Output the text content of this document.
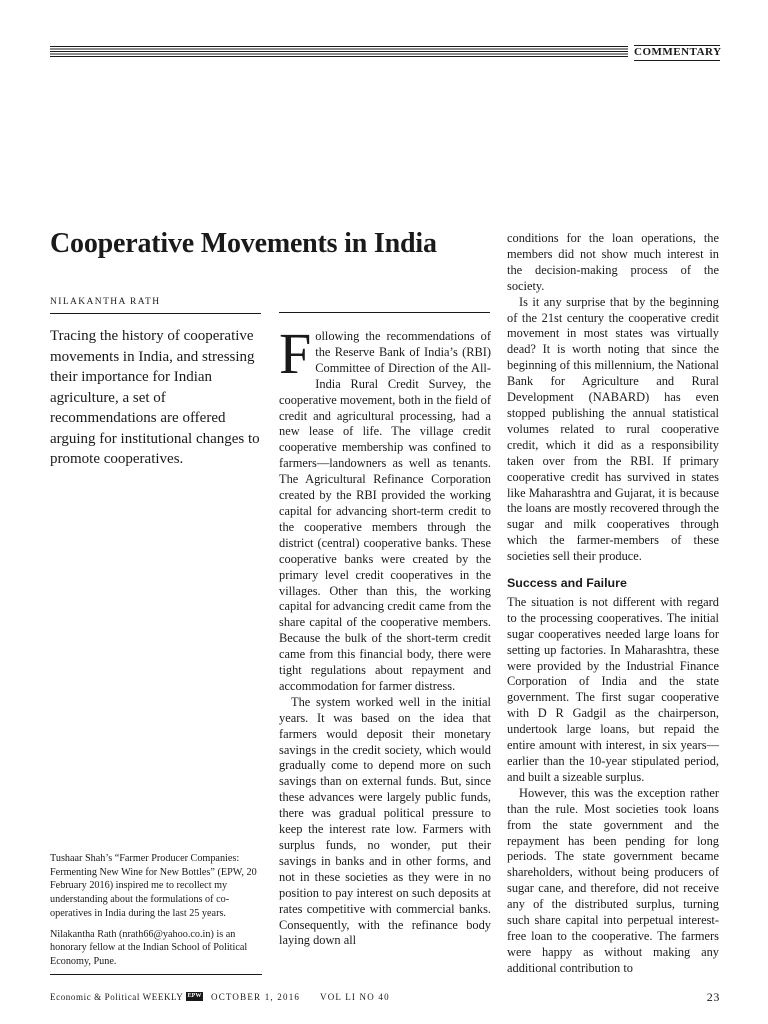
COMMENTARY
Cooperative Movements in India
NILAKANTHA RATH

Tracing the history of cooperative movements in India, and stressing their importance for Indian agriculture, a set of recommendations are offered arguing for institutional changes to promote cooperatives.

Tushaar Shah’s “Farmer Producer Companies: Fermenting New Wine for New Bottles” (EPW, 20 February 2016) inspired me to recollect my understanding about the formulations of co-operatives in India during the last 25 years.

Nilakantha Rath (nrath66@yahoo.co.in) is an honorary fellow at the Indian School of Political Economy, Pune.

Following the recommendations of the Reserve Bank of India’s (RBI) Committee of Direction of the All-India Rural Credit Survey, the cooperative movement, both in the field of credit and agricultural processing, had a new lease of life. The village credit cooperative membership was confined to farmers—landowners as well as tenants. The Agricultural Refinance Corporation created by the RBI provided the working capital for advancing short-term credit to the cooperative members through the district (central) cooperative banks. These cooperative banks were created by the primary level credit cooperatives in the villages. Other than this, the working capital for advancing credit came from the share capital of the cooperative members. Because the bulk of the short-term credit came from this financial body, there were tight regulations about repayment and accommodation for farmer distress.

The system worked well in the initial years. It was based on the idea that farmers would deposit their monetary savings in the credit society, which would gradually come to depend more on such savings than on external funds. But, since these advances were largely public funds, there was gradual political pressure to keep the interest rate low. Farmers with surplus funds, no wonder, put their savings in banks and in other forms, and not in these societies as they were in no position to pay interest on such deposits at rates competitive with commercial banks. Consequently, with the refinance body laying down all

conditions for the loan operations, the members did not show much interest in the decision-making process of the society.

Is it any surprise that by the beginning of the 21st century the cooperative credit movement in most states was virtually dead? It is worth noting that since the beginning of this millennium, the National Bank for Agriculture and Rural Development (NABARD) has even stopped publishing the annual statistical volumes related to rural cooperative credit, which it did as a responsibility taken over from the RBI. If primary cooperative credit has survived in states like Maharashtra and Gujarat, it is because the loans are mostly recovered through the sugar and milk cooperatives through which the farmer-members of these societies sell their produce.

Success and Failure

The situation is not different with regard to the processing cooperatives. The initial sugar cooperatives needed large loans for setting up factories. In Maharashtra, these were provided by the Industrial Finance Corporation of India and the state government. The first sugar cooperative with D R Gadgil as the chairperson, undertook large loans, but repaid the entire amount with interest, in six years—earlier than the 10-year stipulated period, and built a sizeable surplus.

However, this was the exception rather than the rule. Most societies took loans from the state government and the repayment has been pending for long periods. The state government became shareholders, without being producers of sugar cane, and therefore, did not receive any of the distributed surplus, turning such share capital into perpetual interest-free loan to the cooperative. The farmers were happy as without making any additional contribution to

Economic & Political WEEKLY EPW OCTOBER 1, 2016 VOL LI NO 40	23
